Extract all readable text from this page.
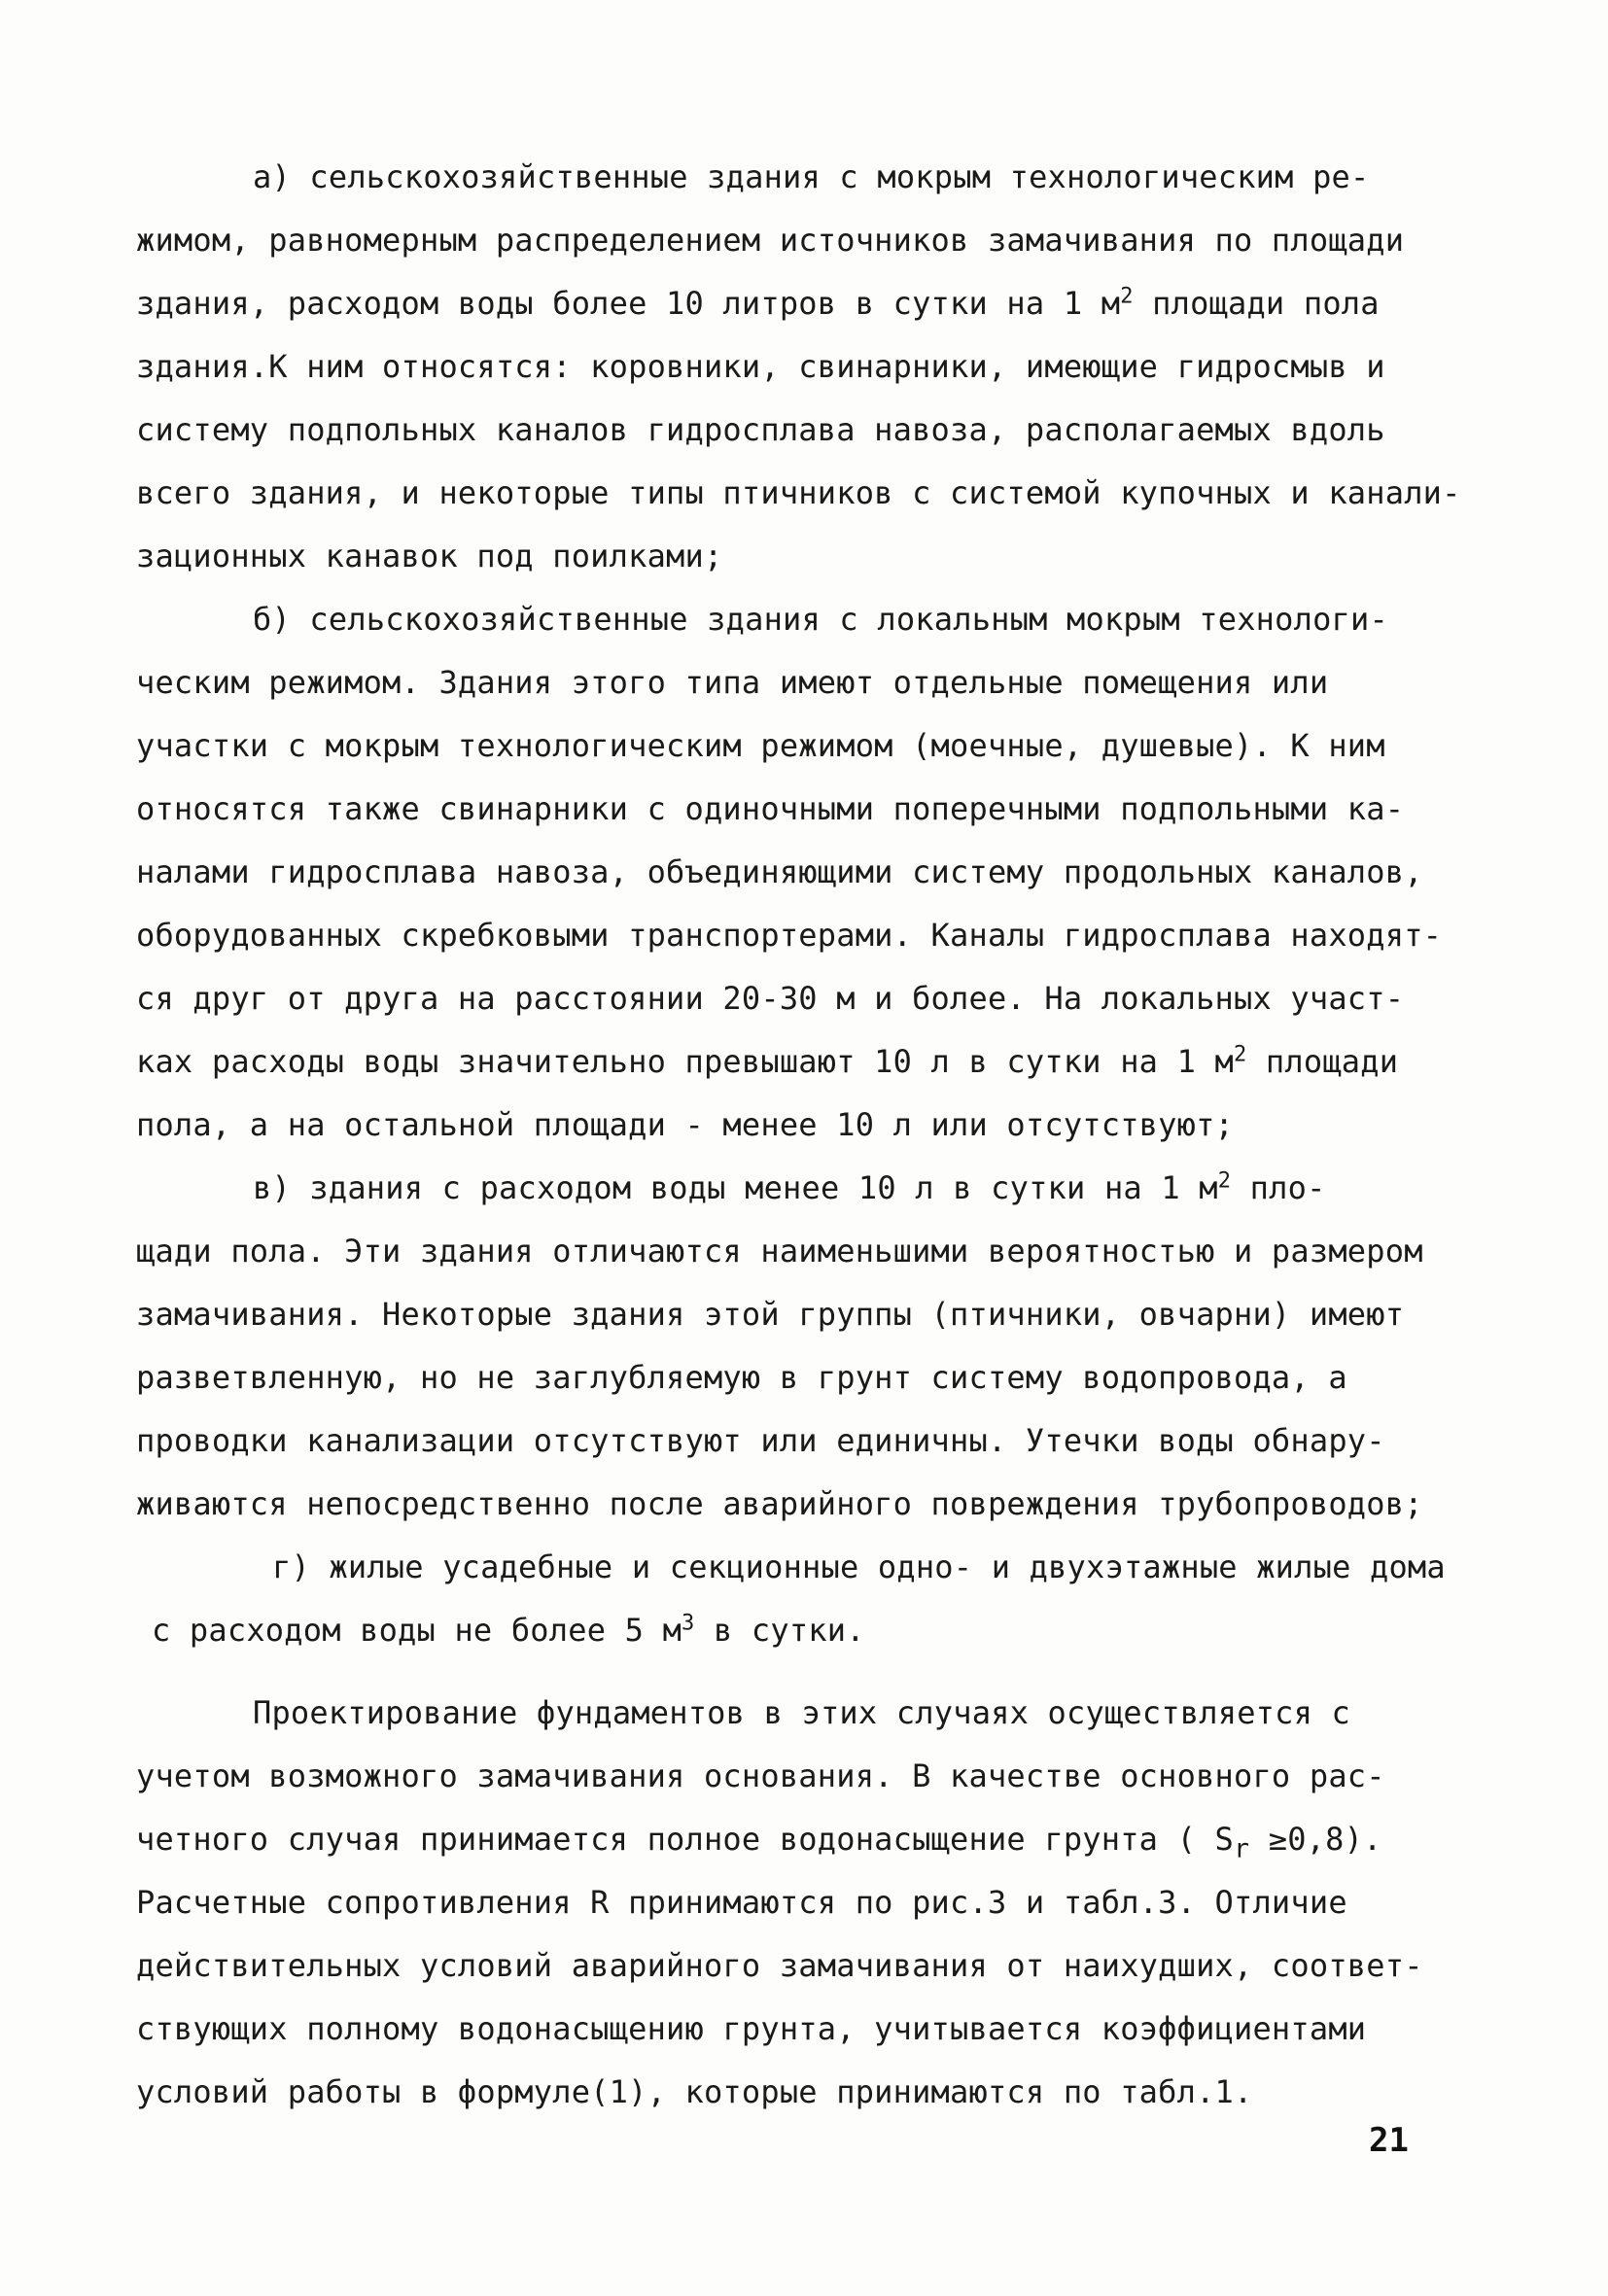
а) сельскохозяйственные здания с мокрым технологическим ре-
жимом, равномерным распределением источников замачивания по площади
здания, расходом воды более 10 литров в сутки на 1 $м^2$ площади пола
здания.К ним относятся: коровники, свинарники, имеющие гидросмыв и
систему подпольных каналов гидросплава навоза, располагаемых вдоль
всего здания, и некоторые типы птичников с системой купочных и канали-
зационных канавок под поилками;
б) сельскохозяйственные здания с локальным мокрым технологи-
ческим режимом. Здания этого типа имеют отдельные помещения или
участки с мокрым технологическим режимом (моечные, душевые). К ним
относятся также свинарники с одиночными поперечными подпольными ка-
налами гидросплава навоза, объединяющими систему продольных каналов,
оборудованных скребковыми транспортерами. Каналы гидросплава находят-
ся друг от друга на расстоянии 20-30 м и более. На локальных участ-
ках расходы воды значительно превышают 10 л в сутки на 1 $м^2$ площади
пола, а на остальной площади - менее 10 л или отсутствуют;
в) здания с расходом воды менее 10 л в сутки на 1 $м^2$ пло-
щади пола. Эти здания отличаются наименьшими вероятностью и размером
замачивания. Некоторые здания этой группы (птичники, овчарни) имеют
разветвленную, но не заглубляемую в грунт систему водопровода, а
проводки канализации отсутствуют или единичны. Утечки воды обнару-
живаются непосредственно после аварийного повреждения трубопроводов;
г) жилые усадебные и секционные одно- и двухэтажные жилые дома
с расходом воды не более 5 $м^3$ в сутки.
Проектирование фундаментов в этих случаях осуществляется с
учетом возможного замачивания основания. В качестве основного рас-
четного случая принимается полное водонасыщение грунта ( $S_r \ge 0,8$).
Расчетные сопротивления R принимаются по рис.3 и табл.3. Отличие
действительных условий аварийного замачивания от наихудших, соответ-
ствующих полному водонасыщению грунта, учитывается коэффициентами
условий работы в формуле(1), которые принимаются по табл.1.
21
